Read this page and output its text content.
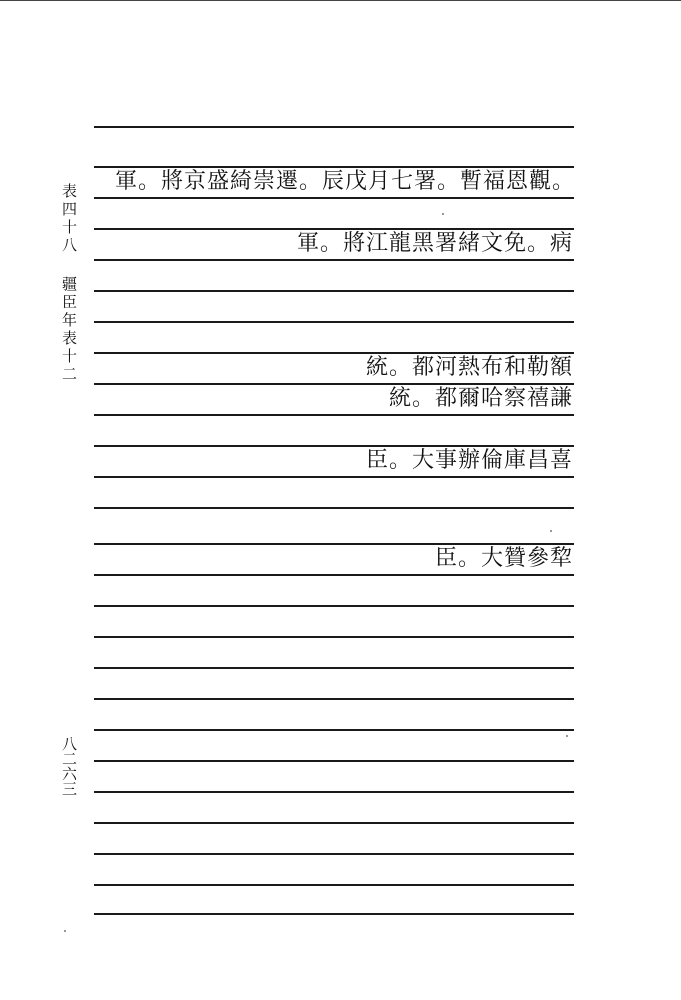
表四十八 疆臣年表十二
八二六三
軍。將京盛綺崇遷。辰戊月七署。暫福恩觀。
軍。將江龍黑署緒文免。病
統。都河熱布和勒額
統。都爾哈察禧謙
臣。大事辦倫庫昌喜
臣。大贊參犂
